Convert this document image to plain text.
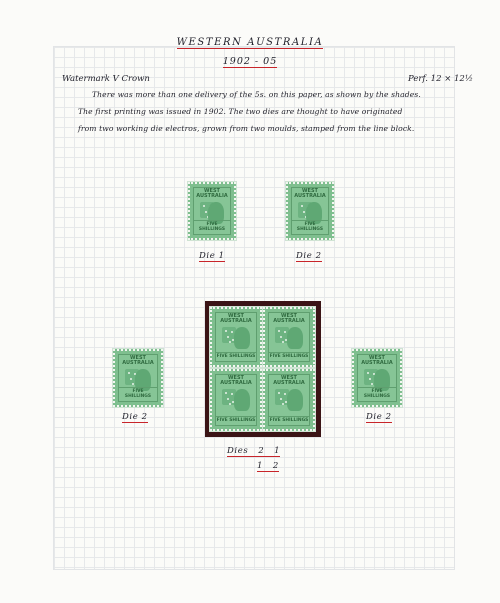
WESTERN AUSTRALIA
1902 - 05
Watermark V Crown	Perf. 12 × 12½
There was more than one delivery of the 5s. on this paper, as shown by the shades.
The first printing was issued in 1902. The two dies are thought to have originated
from two working die electros, grown from two moulds, stamped from the line block.
WEST AUSTRALIA
FIVE SHILLINGS
Die 1
WEST AUSTRALIA
FIVE SHILLINGS
Die 2
WEST AUSTRALIA
FIVE SHILLINGS
WEST AUSTRALIA
FIVE SHILLINGS
WEST AUSTRALIA
FIVE SHILLINGS
WEST AUSTRALIA
FIVE SHILLINGS
WEST AUSTRALIA
FIVE SHILLINGS
Die 2
WEST AUSTRALIA
FIVE SHILLINGS
Die 2
Dies   2   1
1   2
